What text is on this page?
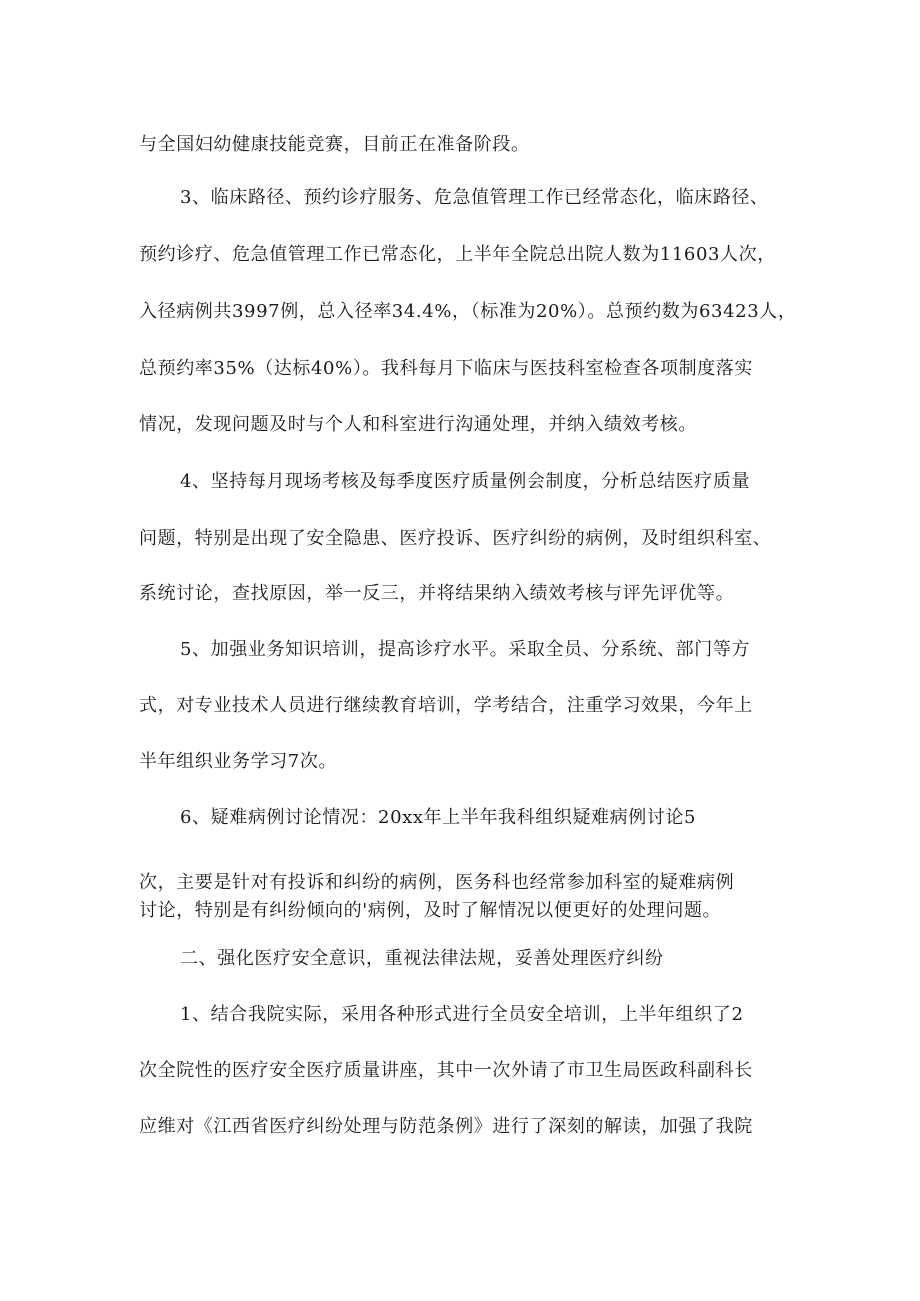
与全国妇幼健康技能竞赛，目前正在准备阶段。
3、临床路径、预约诊疗服务、危急值管理工作已经常态化，临床路径、
预约诊疗、危急值管理工作已常态化，上半年全院总出院人数为11603人次，
入径病例共3997例，总入径率34.4%，（标准为20%）。总预约数为63423人，
总预约率35%（达标40%）。我科每月下临床与医技科室检查各项制度落实
情况，发现问题及时与个人和科室进行沟通处理，并纳入绩效考核。
4、坚持每月现场考核及每季度医疗质量例会制度，分析总结医疗质量
问题，特别是出现了安全隐患、医疗投诉、医疗纠纷的病例，及时组织科室、
系统讨论，查找原因，举一反三，并将结果纳入绩效考核与评先评优等。
5、加强业务知识培训，提高诊疗水平。采取全员、分系统、部门等方
式，对专业技术人员进行继续教育培训，学考结合，注重学习效果，今年上
半年组织业务学习7次。
6、疑难病例讨论情况：20xx年上半年我科组织疑难病例讨论5
次，主要是针对有投诉和纠纷的病例，医务科也经常参加科室的疑难病例
讨论，特别是有纠纷倾向的'病例，及时了解情况以便更好的处理问题。
二、强化医疗安全意识，重视法律法规，妥善处理医疗纠纷
1、结合我院实际，采用各种形式进行全员安全培训，上半年组织了2
次全院性的医疗安全医疗质量讲座，其中一次外请了市卫生局医政科副科长
应维对《江西省医疗纠纷处理与防范条例》进行了深刻的解读，加强了我院
